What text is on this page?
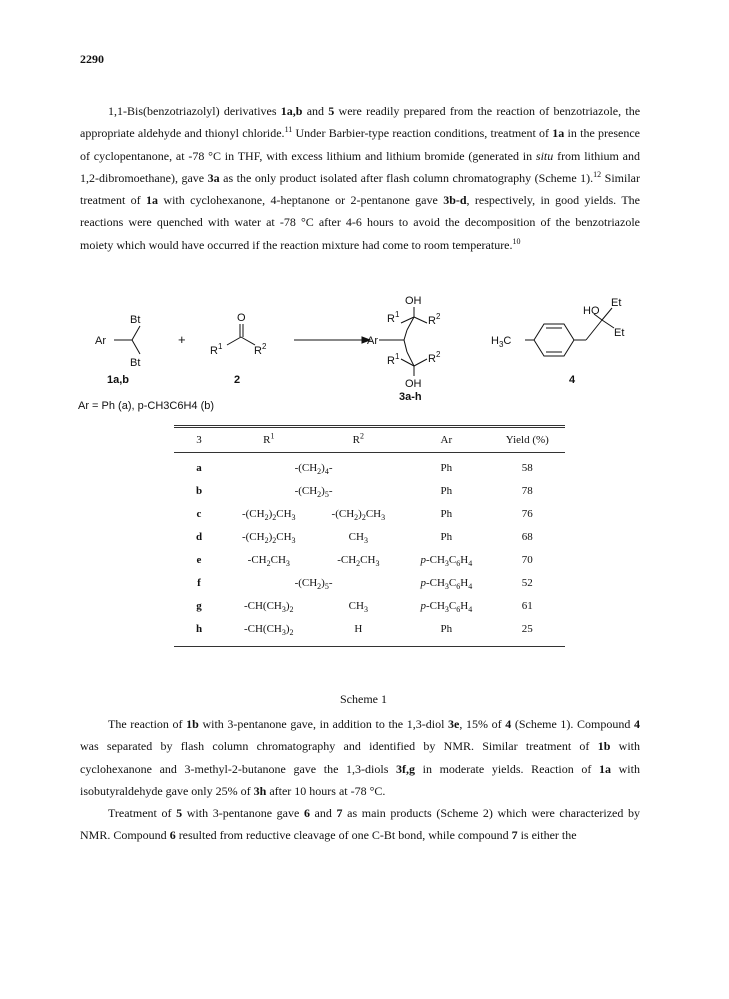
2290

1,1-Bis(benzotriazolyl) derivatives 1a,b and 5 were readily prepared from the reaction of benzotriazole, the appropriate aldehyde and thionyl chloride.$^{11}$ Under Barbier-type reaction conditions, treatment of 1a in the presence of cyclopentanone, at -78 °C in THF, with excess lithium and lithium bromide (generated in situ from lithium and 1,2-dibromoethane), gave 3a as the only product isolated after flash column chromatography (Scheme 1).$^{12}$ Similar treatment of 1a with cyclohexanone, 4-heptanone or 2-pentanone gave 3b-d, respectively, in good yields. The reactions were quenched with water at -78 °C after 4-6 hours to avoid the decomposition of the benzotriazole moiety which would have occurred if the reaction mixture had come to room temperature.$^{10}$

Bt
Ar
Bt
+
O
$R^1$	$R^2$
OH
$R^1$
$R^2$
Ar
$R^1$	$R^2$
OH
HO
Et
Et
$H_3C$
1a,b	2
3a-h
4
Ar = Ph (a), p-CH3C6H4 (b)
3	$R^1$	$R^2$	Ar	Yield (%)
a	$-(CH_2)_4-$		Ph	58
b	$-(CH_2)_5-$		Ph	78
c	$-(CH_2)_2CH_3$	$-(CH_2)_2CH_3$	Ph	76
d	$-(CH_2)_2CH_3$	$CH_3$	Ph	68
e	$-CH_2CH_3$	$-CH_2CH_3$	$p-CH_3C_6H_4$	70
f	$-(CH_2)_5-$		$p-CH_3C_6H_4$	52
g	$-CH(CH_3)_2$	$CH_3$	$p-CH_3C_6H_4$	61
h	$-CH(CH_3)_2$	H	Ph	25
Scheme 1

The reaction of 1b with 3-pentanone gave, in addition to the 1,3-diol 3e, 15% of 4 (Scheme 1). Compound 4 was separated by flash column chromatography and identified by NMR. Similar treatment of 1b with cyclohexanone and 3-methyl-2-butanone gave the 1,3-diols 3f,g in moderate yields. Reaction of 1a with isobutyraldehyde gave only 25% of 3h after 10 hours at -78 °C.

Treatment of 5 with 3-pentanone gave 6 and 7 as main products (Scheme 2) which were characterized by NMR. Compound 6 resulted from reductive cleavage of one C-Bt bond, while compound 7 is either the
